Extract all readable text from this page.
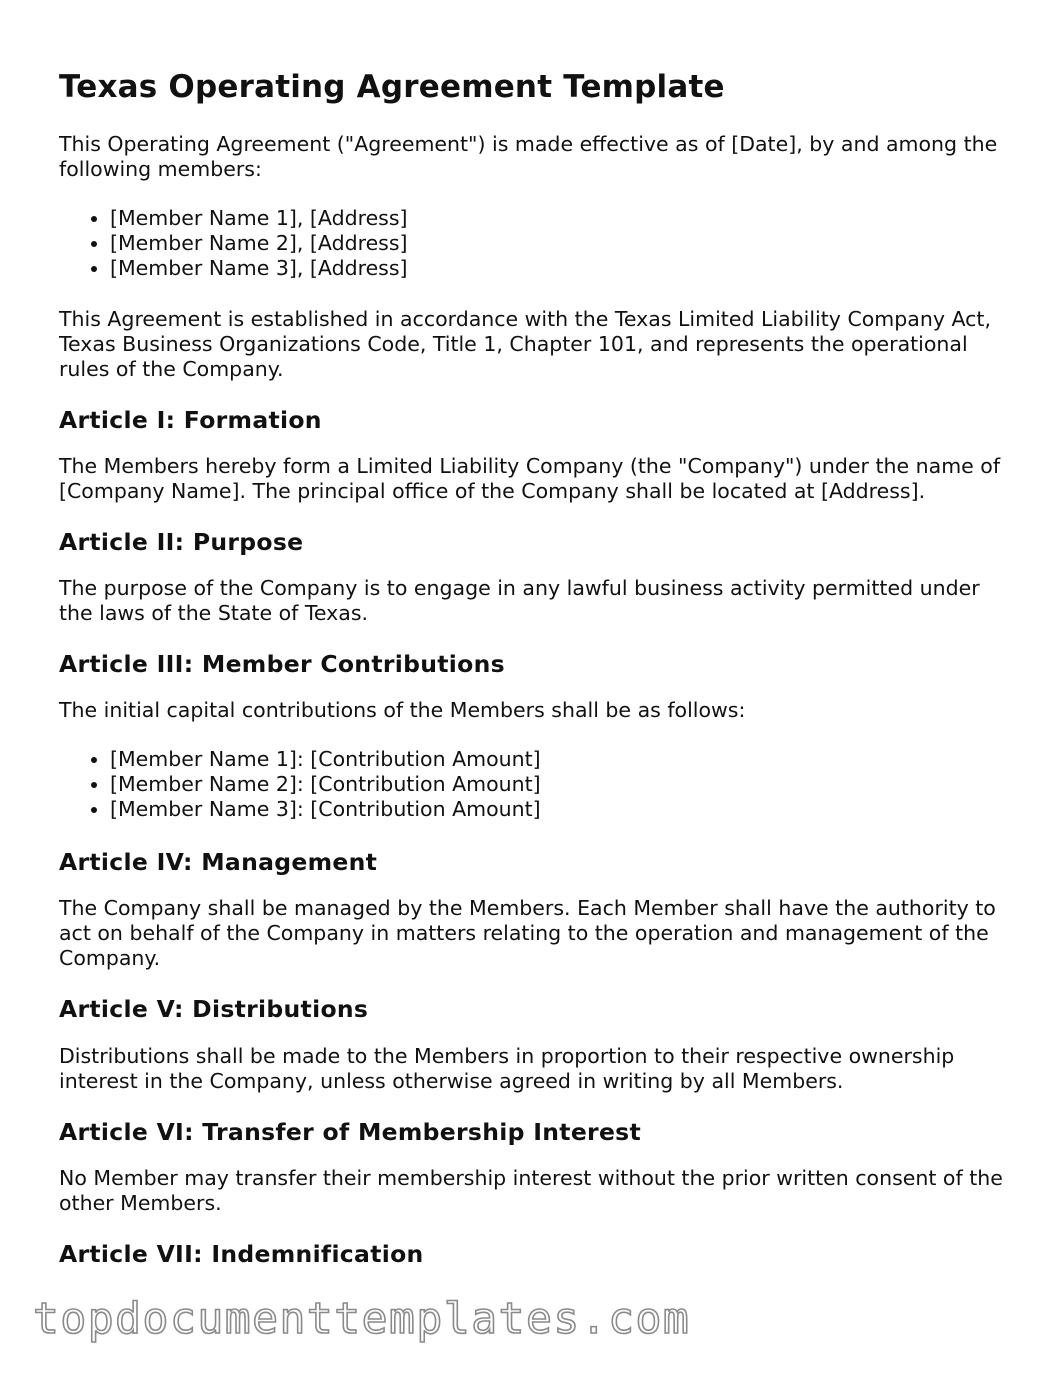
Texas Operating Agreement Template

This Operating Agreement ("Agreement") is made effective as of [Date], by and among the following members:

• [Member Name 1], [Address]
• [Member Name 2], [Address]
• [Member Name 3], [Address]

This Agreement is established in accordance with the Texas Limited Liability Company Act, Texas Business Organizations Code, Title 1, Chapter 101, and represents the operational rules of the Company.

Article I: Formation

The Members hereby form a Limited Liability Company (the "Company") under the name of [Company Name]. The principal office of the Company shall be located at [Address].

Article II: Purpose

The purpose of the Company is to engage in any lawful business activity permitted under the laws of the State of Texas.

Article III: Member Contributions

The initial capital contributions of the Members shall be as follows:

• [Member Name 1]: [Contribution Amount]
• [Member Name 2]: [Contribution Amount]
• [Member Name 3]: [Contribution Amount]
Article IV: Management

The Company shall be managed by the Members. Each Member shall have the authority to act on behalf of the Company in matters relating to the operation and management of the Company.

Article V: Distributions

Distributions shall be made to the Members in proportion to their respective ownership interest in the Company, unless otherwise agreed in writing by all Members.

Article VI: Transfer of Membership Interest

No Member may transfer their membership interest without the prior written consent of the other Members.

Article VII: Indemnification
topdocumenttemplates.com
